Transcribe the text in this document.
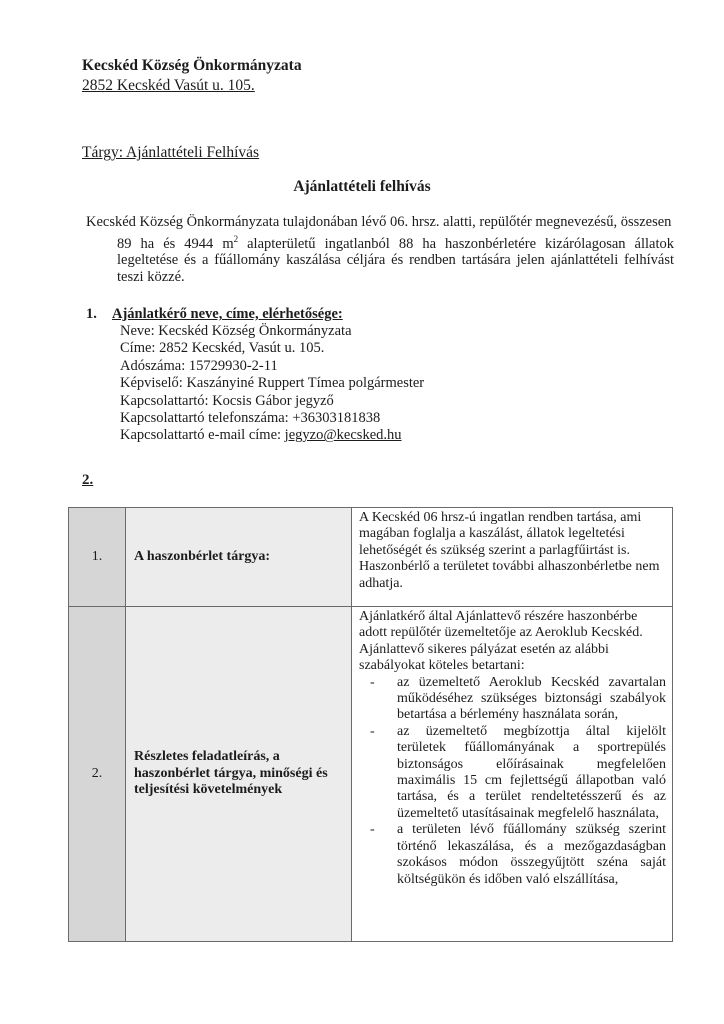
Kecskéd Község Önkormányzata
2852 Kecskéd Vasút u. 105.
Tárgy: Ajánlattételi Felhívás
Ajánlattételi felhívás
Kecskéd Község Önkormányzata tulajdonában lévő 06. hrsz. alatti, repülőtér megnevezésű, összesen
89 ha és 4944 $m^2$ alapterületű ingatlanból 88 ha haszonbérletére kizárólagosan állatok legeltetése és a fűállomány kaszálása céljára és rendben tartására jelen ajánlattételi felhívást teszi közzé.
1. Ajánlatkérő neve, címe, elérhetősége:
Neve: Kecskéd Község Önkormányzata
Címe: 2852 Kecskéd, Vasút u. 105.
Adószáma: 15729930-2-11
Képviselő: Kaszányiné Ruppert Tímea polgármester
Kapcsolattartó: Kocsis Gábor jegyző
Kapcsolattartó telefonszáma: +36303181838
Kapcsolattartó e-mail címe: jegyzo@kecsked.hu
2.
1.	A haszonbérlet tárgya:	A Kecskéd 06 hrsz-ú ingatlan rendben tartása, ami magában foglalja a kaszálást, állatok legeltetési lehetőségét és szükség szerint a parlagfűirtást is. Haszonbérlő a területet további alhaszonbérletbe nem adhatja.
2.	Részletes feladatleírás, a haszonbérlet tárgya, minőségi és teljesítési követelmények	
Ajánlatkérő által Ajánlattevő részére haszonbérbe adott repülőtér üzemeltetője az Aeroklub Kecskéd. Ajánlattevő sikeres pályázat esetén az alábbi szabályokat köteles betartani:
- az üzemeltető Aeroklub Kecskéd zavartalan működéséhez szükséges biztonsági szabályok betartása a bérlemény használata során,
- az üzemeltető megbízottja által kijelölt területek fűállományának a sportrepülés biztonságos előírásainak megfelelően maximális 15 cm fejlettségű állapotban való tartása, és a terület rendeltetésszerű és az üzemeltető utasításainak megfelelő használata,
- a területen lévő fűállomány szükség szerint történő lekaszálása, és a mezőgazdaságban szokásos módon összegyűjtött széna saját költségükön és időben való elszállítása,
